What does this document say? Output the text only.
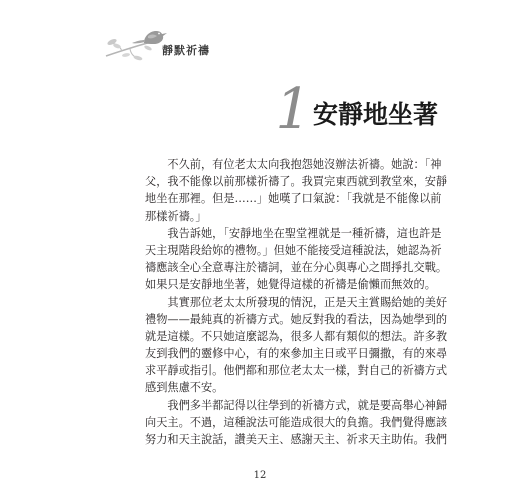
靜默祈禱
1 安靜地坐著

　　不久前，有位老太太向我抱怨她沒辦法祈禱。她說：「神
父，我不能像以前那樣祈禱了。我買完東西就到教堂來，安靜
地坐在那裡。但是……」她嘆了口氣說：「我就是不能像以前
那樣祈禱。」

　　我告訴她，「安靜地坐在聖堂裡就是一種祈禱，這也許是
天主現階段給妳的禮物。」但她不能接受這種說法，她認為祈
禱應該全心全意專注於禱詞，並在分心與專心之間掙扎交戰。
如果只是安靜地坐著，她覺得這樣的祈禱是偷懶而無效的。

　　其實那位老太太所發現的情況，正是天主賞賜給她的美好
禮物——最純真的祈禱方式。她反對我的看法，因為她學到的
就是這樣。不只她這麼認為，很多人都有類似的想法。許多教
友到我們的靈修中心，有的來參加主日或平日彌撒，有的來尋
求平靜或指引。他們都和那位老太太一樣，對自己的祈禱方式
感到焦慮不安。

　　我們多半都記得以往學到的祈禱方式，就是要高舉心神歸
向天主。不過，這種說法可能造成很大的負擔。我們覺得應該
努力和天主說話，讚美天主、感謝天主、祈求天主助佑。我們

12
